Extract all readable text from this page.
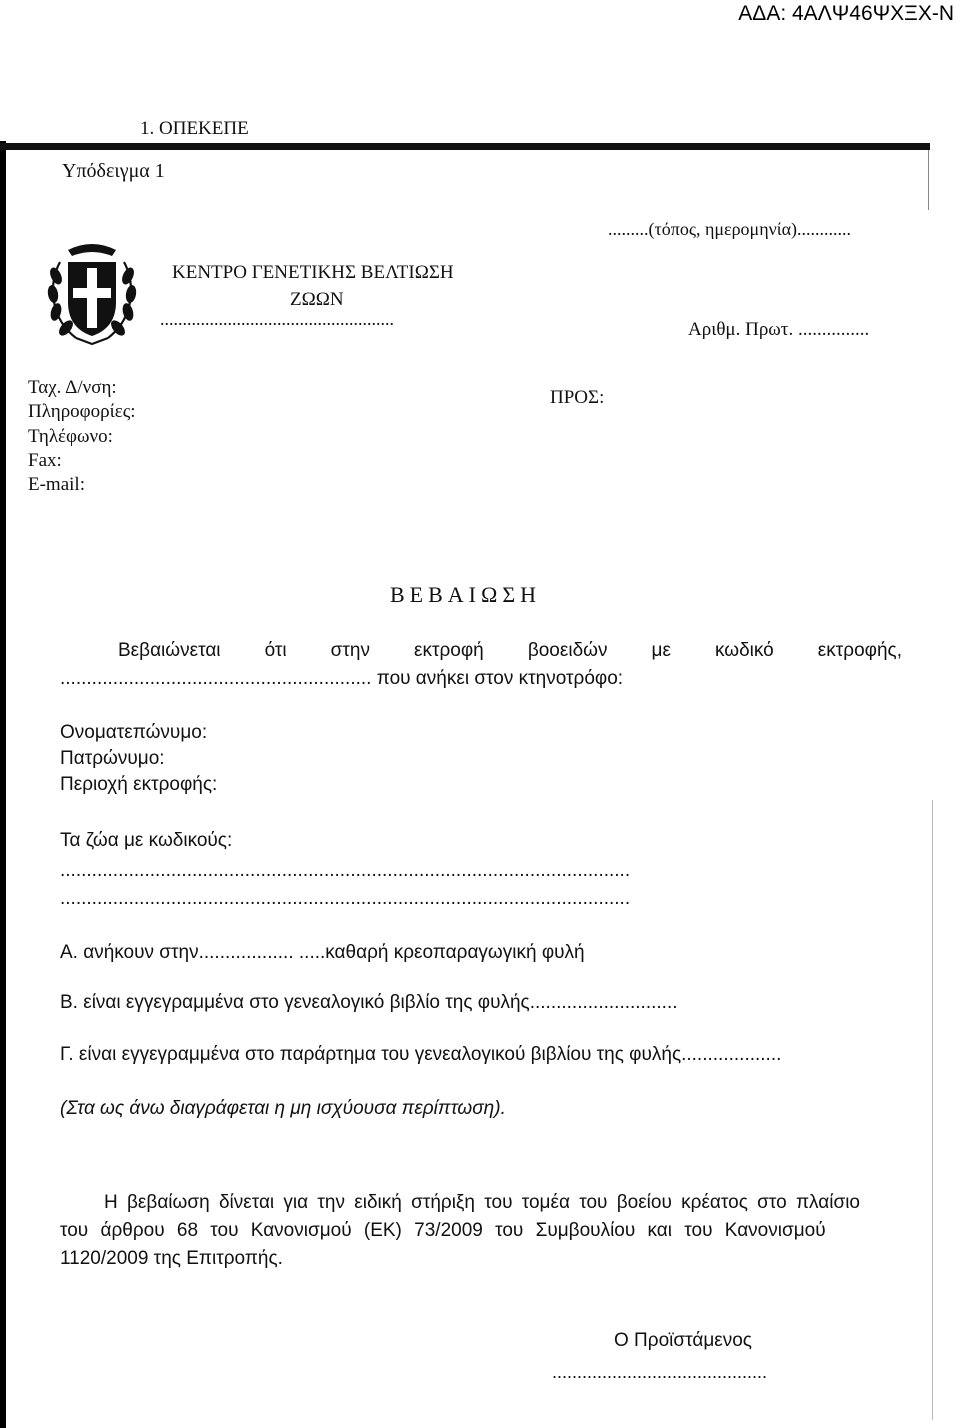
ΑΔΑ: 4ΑΛΨ46ΨΧΞΧ-Ν
1. ΟΠΕΚΕΠΕ
Υπόδειγμα 1
.........(τόπος, ημερομηνία)............
ΚΕΝΤΡΟ ΓΕΝΕΤΙΚΗΣ ΒΕΛΤΙΩΣΗ
ΖΩΩΝ
....................................................	Αριθμ. Πρωτ. ...............
Ταχ. Δ/νση:
Πληροφορίες:
Τηλέφωνο:
Fax:
E-mail:
ΠΡΟΣ:
ΒΕΒΑΙΩΣΗ
Βεβαιώνεται ότι στην εκτροφή βοοειδών με κωδικό εκτροφής,
........................................................... που ανήκει στον κτηνοτρόφο:
Ονοματεπώνυμο:
Πατρώνυμο:
Περιοχή εκτροφής:
Τα ζώα με κωδικούς:
............................................................................................................
............................................................................................................
Α. ανήκουν στην.................. .....καθαρή κρεοπαραγωγική φυλή
Β. είναι εγγεγραμμένα στο γενεαλογικό βιβλίο της φυλής............................
Γ. είναι εγγεγραμμένα στο παράρτημα του γενεαλογικού βιβλίου της φυλής...................
(Στα ως άνω διαγράφεται η μη ισχύουσα περίπτωση).
Η βεβαίωση δίνεται για την ειδική στήριξη του τομέα του βοείου κρέατος στο πλαίσιο
του άρθρου 68 του Κανονισμού (ΕΚ) 73/2009 του Συμβουλίου και του Κανονισμού
1120/2009 της Επιτροπής.
Ο Προϊστάμενος
...........................................
